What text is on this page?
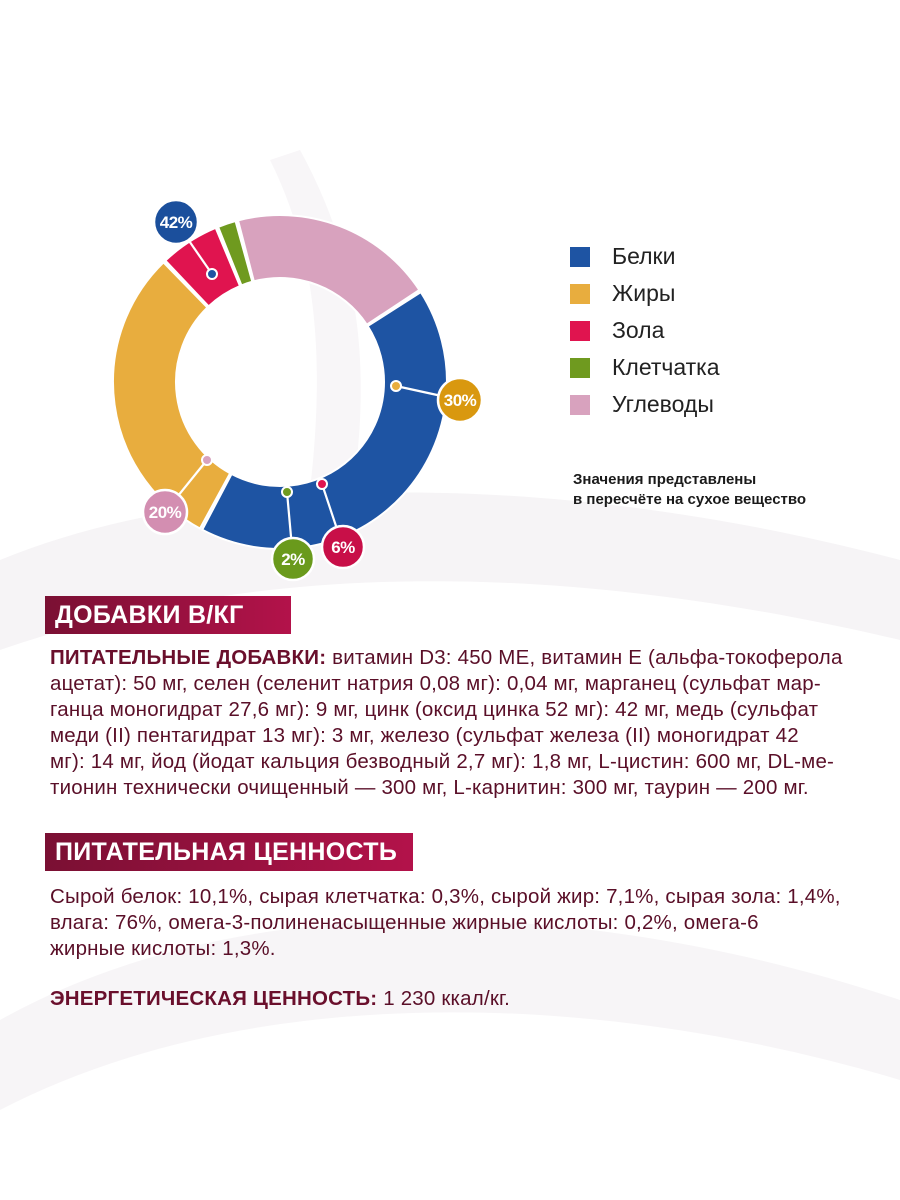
42%
30%
6%
2%
20%
Белки
Жиры
Зола
Клетчатка
Углеводы
Значения представлены
в пересчёте на сухое вещество
ДОБАВКИ В/КГ
ПИТАТЕЛЬНЫЕ ДОБАВКИ: витамин D3: 450 МЕ, витамин Е (альфа-токоферола
ацетат): 50 мг, селен (селенит натрия 0,08 мг): 0,04 мг, марганец (сульфат мар-
ганца моногидрат 27,6 мг): 9 мг, цинк (оксид цинка 52 мг): 42 мг, медь (сульфат
меди (II) пентагидрат 13 мг): 3 мг, железо (сульфат железа (II) моногидрат 42
мг): 14 мг, йод (йодат кальция безводный 2,7 мг): 1,8 мг, L-цистин: 600 мг, DL-ме-
тионин технически очищенный — 300 мг, L-карнитин: 300 мг, таурин — 200 мг.
ПИТАТЕЛЬНАЯ ЦЕННОСТЬ
Сырой белок: 10,1%, сырая клетчатка: 0,3%, сырой жир: 7,1%, сырая зола: 1,4%,
влага: 76%, омега-3-полиненасыщенные жирные кислоты: 0,2%, омега-6
жирные кислоты: 1,3%.
ЭНЕРГЕТИЧЕСКАЯ ЦЕННОСТЬ: 1 230 ккал/кг.
